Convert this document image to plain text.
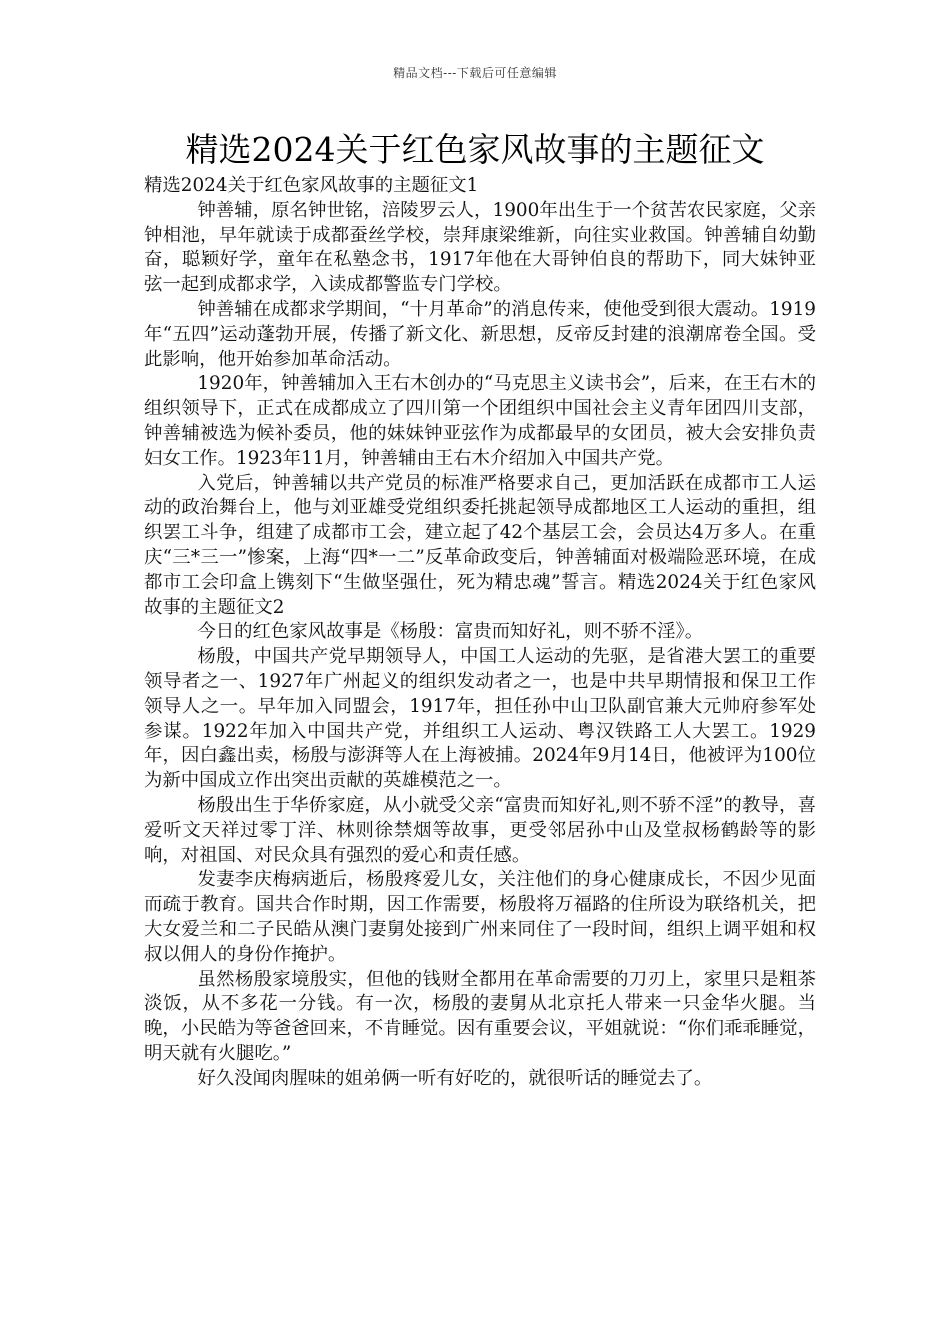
精品文档---下载后可任意编辑
精选2024关于红色家风故事的主题征文

精选2024关于红色家风故事的主题征文1

钟善辅，原名钟世铭，涪陵罗云人，1900年出生于一个贫苦农民家庭，父亲钟相池，早年就读于成都蚕丝学校，崇拜康梁维新，向往实业救国。钟善辅自幼勤奋，聪颖好学，童年在私塾念书，1917年他在大哥钟伯良的帮助下，同大妹钟亚弦一起到成都求学，入读成都警监专门学校。

钟善辅在成都求学期间，“十月革命”的消息传来，使他受到很大震动。1919年“五四”运动蓬勃开展，传播了新文化、新思想，反帝反封建的浪潮席卷全国。受此影响，他开始参加革命活动。

1920年，钟善辅加入王右木创办的“马克思主义读书会”，后来，在王右木的组织领导下，正式在成都成立了四川第一个团组织中国社会主义青年团四川支部，钟善辅被选为候补委员，他的妹妹钟亚弦作为成都最早的女团员，被大会安排负责妇女工作。1923年11月，钟善辅由王右木介绍加入中国共产党。

入党后，钟善辅以共产党员的标准严格要求自己，更加活跃在成都市工人运动的政治舞台上，他与刘亚雄受党组织委托挑起领导成都地区工人运动的重担，组织罢工斗争，组建了成都市工会，建立起了42个基层工会，会员达4万多人。在重庆“三*三一”惨案，上海“四*一二”反革命政变后，钟善辅面对极端险恶环境，在成都市工会印盒上镌刻下“生做坚强仕，死为精忠魂”誓言。精选2024关于红色家风故事的主题征文2

今日的红色家风故事是《杨殷：富贵而知好礼，则不骄不淫》。

杨殷，中国共产党早期领导人，中国工人运动的先驱，是省港大罢工的重要领导者之一、1927年广州起义的组织发动者之一，也是中共早期情报和保卫工作领导人之一。早年加入同盟会，1917年，担任孙中山卫队副官兼大元帅府参军处参谋。1922年加入中国共产党，并组织工人运动、粤汉铁路工人大罢工。1929年，因白鑫出卖，杨殷与澎湃等人在上海被捕。2024年9月14日，他被评为100位为新中国成立作出突出贡献的英雄模范之一。

杨殷出生于华侨家庭，从小就受父亲“富贵而知好礼,则不骄不淫”的教导，喜爱听文天祥过零丁洋、林则徐禁烟等故事，更受邻居孙中山及堂叔杨鹤龄等的影响，对祖国、对民众具有强烈的爱心和责任感。

发妻李庆梅病逝后，杨殷疼爱儿女，关注他们的身心健康成长，不因少见面而疏于教育。国共合作时期，因工作需要，杨殷将万福路的住所设为联络机关，把大女爱兰和二子民皓从澳门妻舅处接到广州来同住了一段时间，组织上调平姐和权叔以佣人的身份作掩护。

虽然杨殷家境殷实，但他的钱财全都用在革命需要的刀刃上，家里只是粗茶淡饭，从不多花一分钱。有一次，杨殷的妻舅从北京托人带来一只金华火腿。当晚，小民皓为等爸爸回来，不肯睡觉。因有重要会议，平姐就说：“你们乖乖睡觉，明天就有火腿吃。”

好久没闻肉腥味的姐弟俩一听有好吃的，就很听话的睡觉去了。
